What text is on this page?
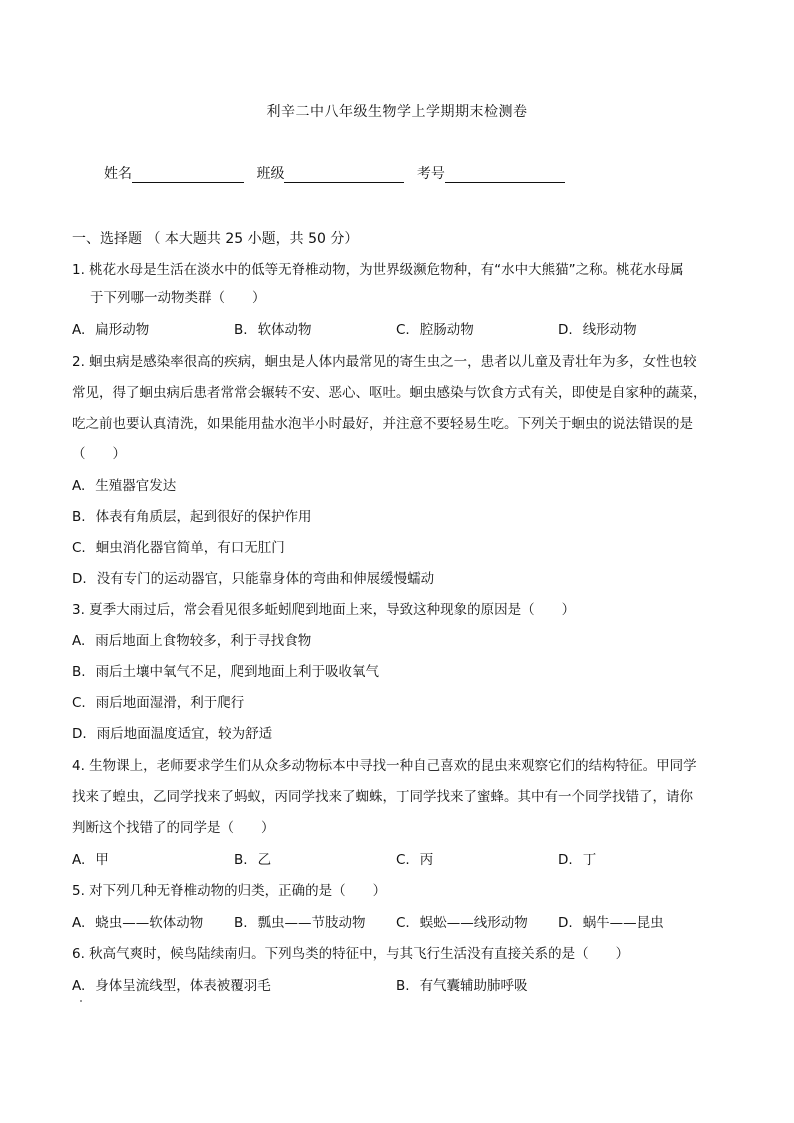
利辛二中八年级生物学上学期期末检测卷
姓名	班级	考号
一、选择题 （ 本大题共 25 小题，共 50 分）
1. 桃花水母是生活在淡水中的低等无脊椎动物，为世界级濒危物种，有“水中大熊猫”之称。桃花水母属
于下列哪一动物类群（　　）
A. 扁形动物	B. 软体动物	C. 腔肠动物	D. 线形动物
2. 蛔虫病是感染率很高的疾病，蛔虫是人体内最常见的寄生虫之一，患者以儿童及青壮年为多，女性也较
常见，得了蛔虫病后患者常常会辗转不安、恶心、呕吐。蛔虫感染与饮食方式有关，即使是自家种的蔬菜，
吃之前也要认真清洗，如果能用盐水泡半小时最好，并注意不要轻易生吃。下列关于蛔虫的说法错误的是
（　　）
A. 生殖器官发达
B. 体表有角质层，起到很好的保护作用
C. 蛔虫消化器官简单，有口无肛门
D. 没有专门的运动器官，只能靠身体的弯曲和伸展缓慢蠕动
3. 夏季大雨过后，常会看见很多蚯蚓爬到地面上来，导致这种现象的原因是（　　）
A. 雨后地面上食物较多，利于寻找食物
B. 雨后土壤中氧气不足，爬到地面上利于吸收氧气
C. 雨后地面湿滑，利于爬行
D. 雨后地面温度适宜，较为舒适
4. 生物课上，老师要求学生们从众多动物标本中寻找一种自己喜欢的昆虫来观察它们的结构特征。甲同学
找来了蝗虫，乙同学找来了蚂蚁，丙同学找来了蜘蛛，丁同学找来了蜜蜂。其中有一个同学找错了，请你
判断这个找错了的同学是（　　）
A. 甲	B. 乙	C. 丙	D. 丁
5. 对下列几种无脊椎动物的归类，正确的是（　　）
A. 蛲虫——软体动物 B. 瓢虫——节肢动物 C. 蜈蚣——线形动物 D. 蜗牛——昆虫
6. 秋高气爽时，候鸟陆续南归。下列鸟类的特征中，与其飞行生活没有直接关系的是（　　）
A. 身体呈流线型，体表被覆羽毛	B. 有气囊辅助肺呼吸
